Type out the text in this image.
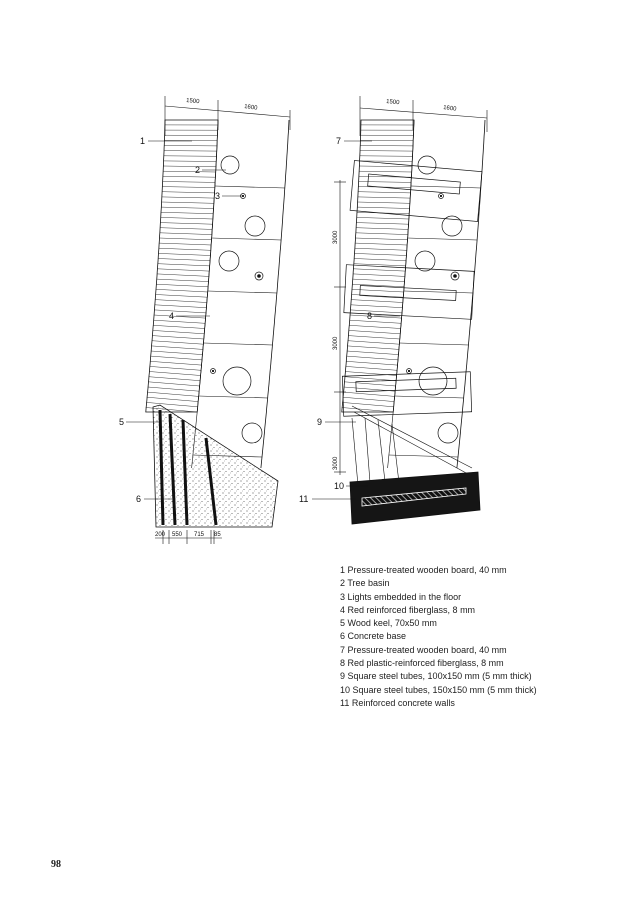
1500
1600
200 550 715 85
1
2
3
4
5
6
1500
1600
3000
3000
3000
7
8
9
10
11
1 Pressure-treated wooden board, 40 mm
2 Tree basin
3 Lights embedded in the floor
4 Red reinforced fiberglass, 8 mm
5 Wood keel, 70x50 mm
6 Concrete base
7 Pressure-treated wooden board, 40 mm
8 Red plastic-reinforced fiberglass, 8 mm
9 Square steel tubes, 100x150 mm (5 mm thick)
10 Square steel tubes, 150x150 mm (5 mm thick)
11 Reinforced concrete walls
98
